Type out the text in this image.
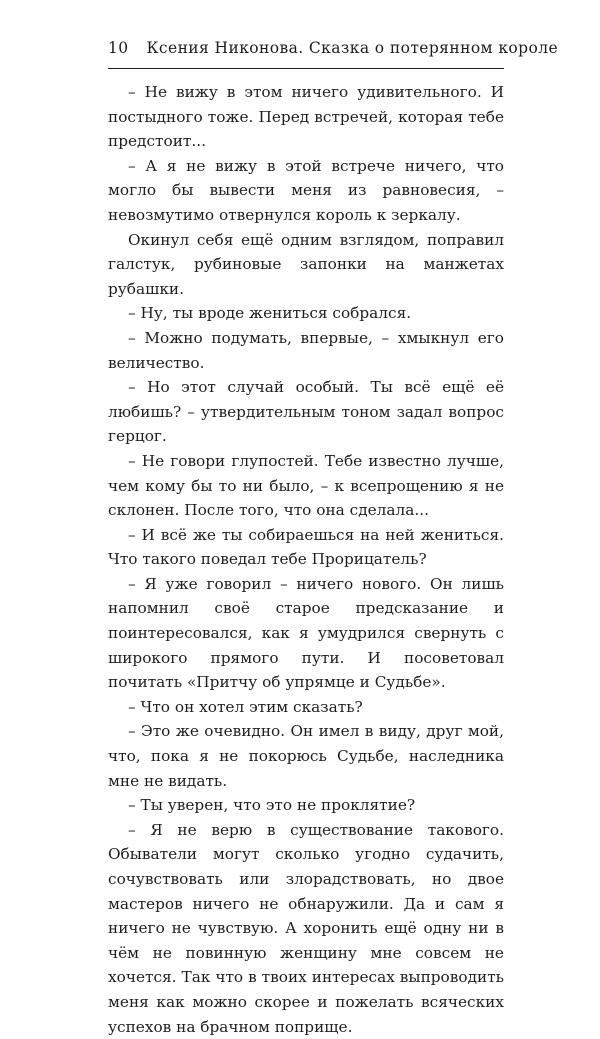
10 Ксения Никонова. Сказка о потерянном короле

– Не вижу в этом ничего удивительного. И постыдного тоже. Перед встречей, которая тебе предстоит...

– А я не вижу в этой встрече ничего, что могло бы вывести меня из равновесия, – невозмутимо отвернулся король к зеркалу.

Окинул себя ещё одним взглядом, поправил галстук, рубиновые запонки на манжетах рубашки.

– Ну, ты вроде жениться собрался.

– Можно подумать, впервые, – хмыкнул его величество.

– Но этот случай особый. Ты всё ещё её любишь? – утвердительным тоном задал вопрос герцог.

– Не говори глупостей. Тебе известно лучше, чем кому бы то ни было, – к всепрощению я не склонен. После того, что она сделала...

– И всё же ты собираешься на ней жениться. Что такого поведал тебе Прорицатель?

– Я уже говорил – ничего нового. Он лишь напомнил своё старое предсказание и поинтересовался, как я умудрился свернуть с широкого прямого пути. И посоветовал почитать «Притчу об упрямце и Судьбе».

– Что он хотел этим сказать?

– Это же очевидно. Он имел в виду, друг мой, что, пока я не покорюсь Судьбе, наследника мне не видать.

– Ты уверен, что это не проклятие?

– Я не верю в существование такового. Обыватели могут сколько угодно судачить, сочувствовать или злорадствовать, но двое мастеров ничего не обнаружили. Да и сам я ничего не чувствую. А хоронить ещё одну ни в чём не повинную женщину мне совсем не хочется. Так что в твоих интересах выпроводить меня как можно скорее и пожелать всяческих успехов на брачном поприще.
